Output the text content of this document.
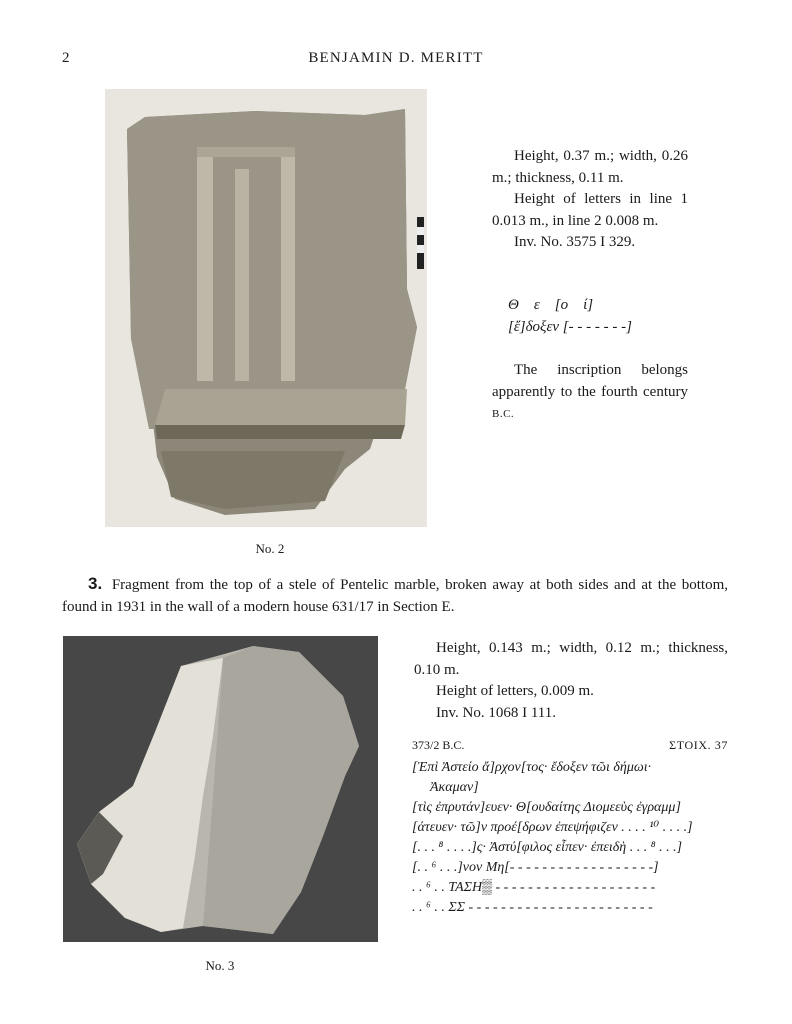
2	BENJAMIN D. MERITT
No. 2

Height, 0.37 m.; width, 0.26 m.; thickness, 0.11 m.

Height of letters in line 1 0.013 m., in line 2 0.008 m.

Inv. No. 3575 I 329.

Θ    ε    [ο    ί]
[ἔ]δοξεν [- - - - - - -]

The inscription belongs apparently to the fourth century B.C.

3. Fragment from the top of a stele of Pentelic marble, broken away at both sides and at the bottom, found in 1931 in the wall of a modern house 631/17 in Section E.
No. 3

Height, 0.143 m.; width, 0.12 m.; thickness, 0.10 m.

Height of letters, 0.009 m.

Inv. No. 1068 I 111.

373/2 B.C.	ΣΤΟΙΧ. 37
[Ἐπὶ Ἀστείο ἄ]ρχον[τος· ἔδοξεν τῶι δήμωι·
Ἀκαμαν]
[τὶς ἐπρυτάν]ευεν· Θ[ουδαίτης Διομεεὺς ἐγραμμ]
[άτευεν· τῶ]ν προέ[δρων ἐπεψήφιζεν . . . . ¹⁰ . . . .]
[. . . ⁸ . . . .]ς· Ἀστύ[φιλος εἶπεν· ἐπειδὴ . . . ⁸ . . .]
[. . ⁶ . . .]νον Μη[- - - - - - - - - - - - - - - - - -]
. . ⁶ . . ΤΑΣΗ▒ - - - - - - - - - - - - - - - - - - - -
. . ⁶ . . ΣΣ - - - - - - - - - - - - - - - - - - - - - - -
